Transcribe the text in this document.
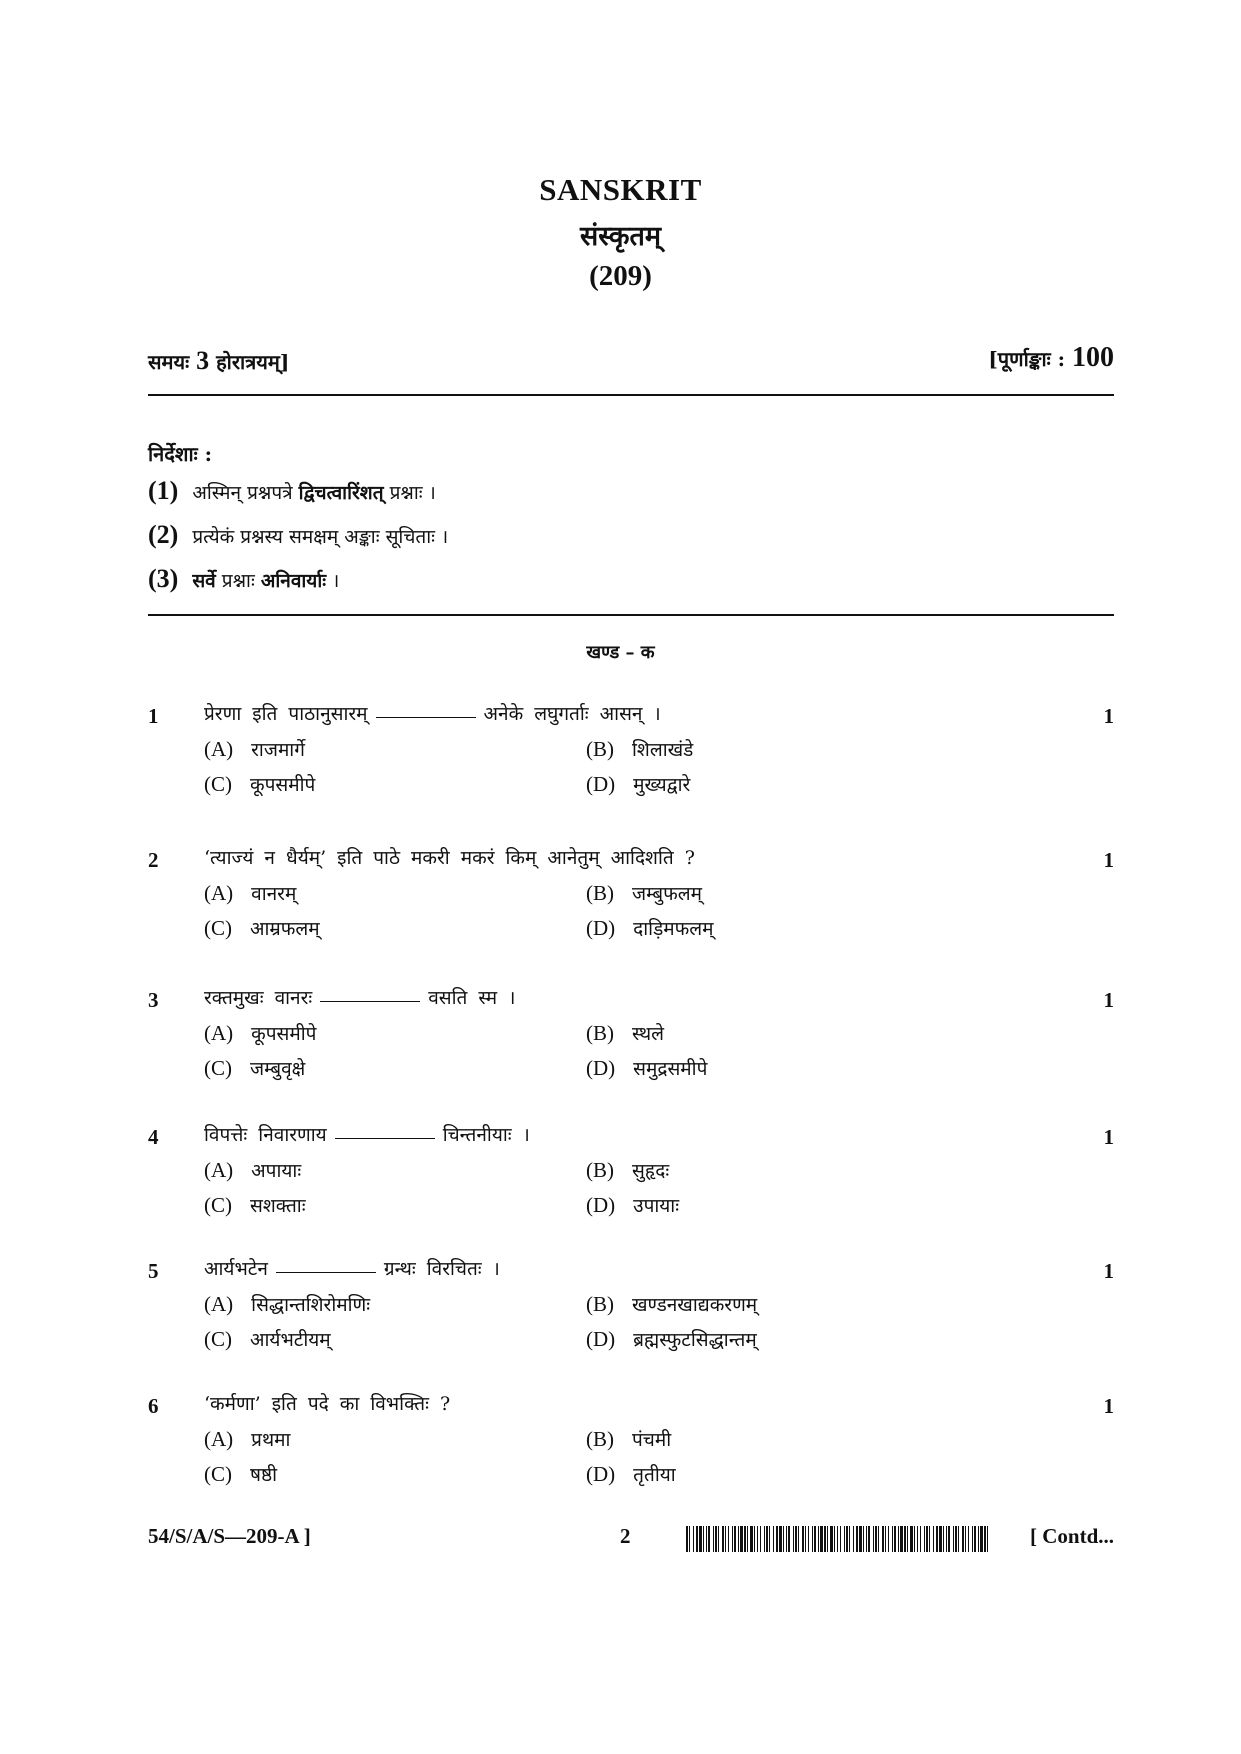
SANSKRIT
संस्कृतम्
(209)
समयः 3 होरात्रयम्]	[पूर्णाङ्काः : 100
निर्देशाः :
(1) अस्मिन् प्रश्नपत्रे द्विचत्वारिंशत् प्रश्नाः ।
(2) प्रत्येकं प्रश्नस्य समक्षम् अङ्काः सूचिताः ।
(3) सर्वे प्रश्नाः अनिवार्याः ।
खण्ड – क
1 प्रेरणा इति पाठानुसारम्	अनेके लघुगर्ताः आसन् ।	1
(A) राजमार्गे	(B) शिलाखंडे
(C) कूपसमीपे	(D) मुख्यद्वारे
2 ‘त्याज्यं न धैर्यम्’ इति पाठे मकरी मकरं किम् आनेतुम् आदिशति ?	1
(A) वानरम्	(B) जम्बुफलम्
(C) आम्रफलम्	(D) दाड़िमफलम्
3 रक्तमुखः वानरः	वसति स्म ।	1
(A) कूपसमीपे	(B) स्थले
(C) जम्बुवृक्षे	(D) समुद्रसमीपे
4 विपत्तेः निवारणाय	चिन्तनीयाः ।	1
(A) अपायाः	(B) सुहृदः
(C) सशक्ताः	(D) उपायाः
5 आर्यभटेन	ग्रन्थः विरचितः ।	1
(A) सिद्धान्तशिरोमणिः	(B) खण्डनखाद्यकरणम्
(C) आर्यभटीयम्	(D) ब्रह्मस्फुटसिद्धान्तम्
6 ‘कर्मणा’ इति पदे का विभक्तिः ?	1
(A) प्रथमा	(B) पंचमी
(C) षष्ठी	(D) तृतीया
54/S/A/S—209-A ]	2	[ Contd...
